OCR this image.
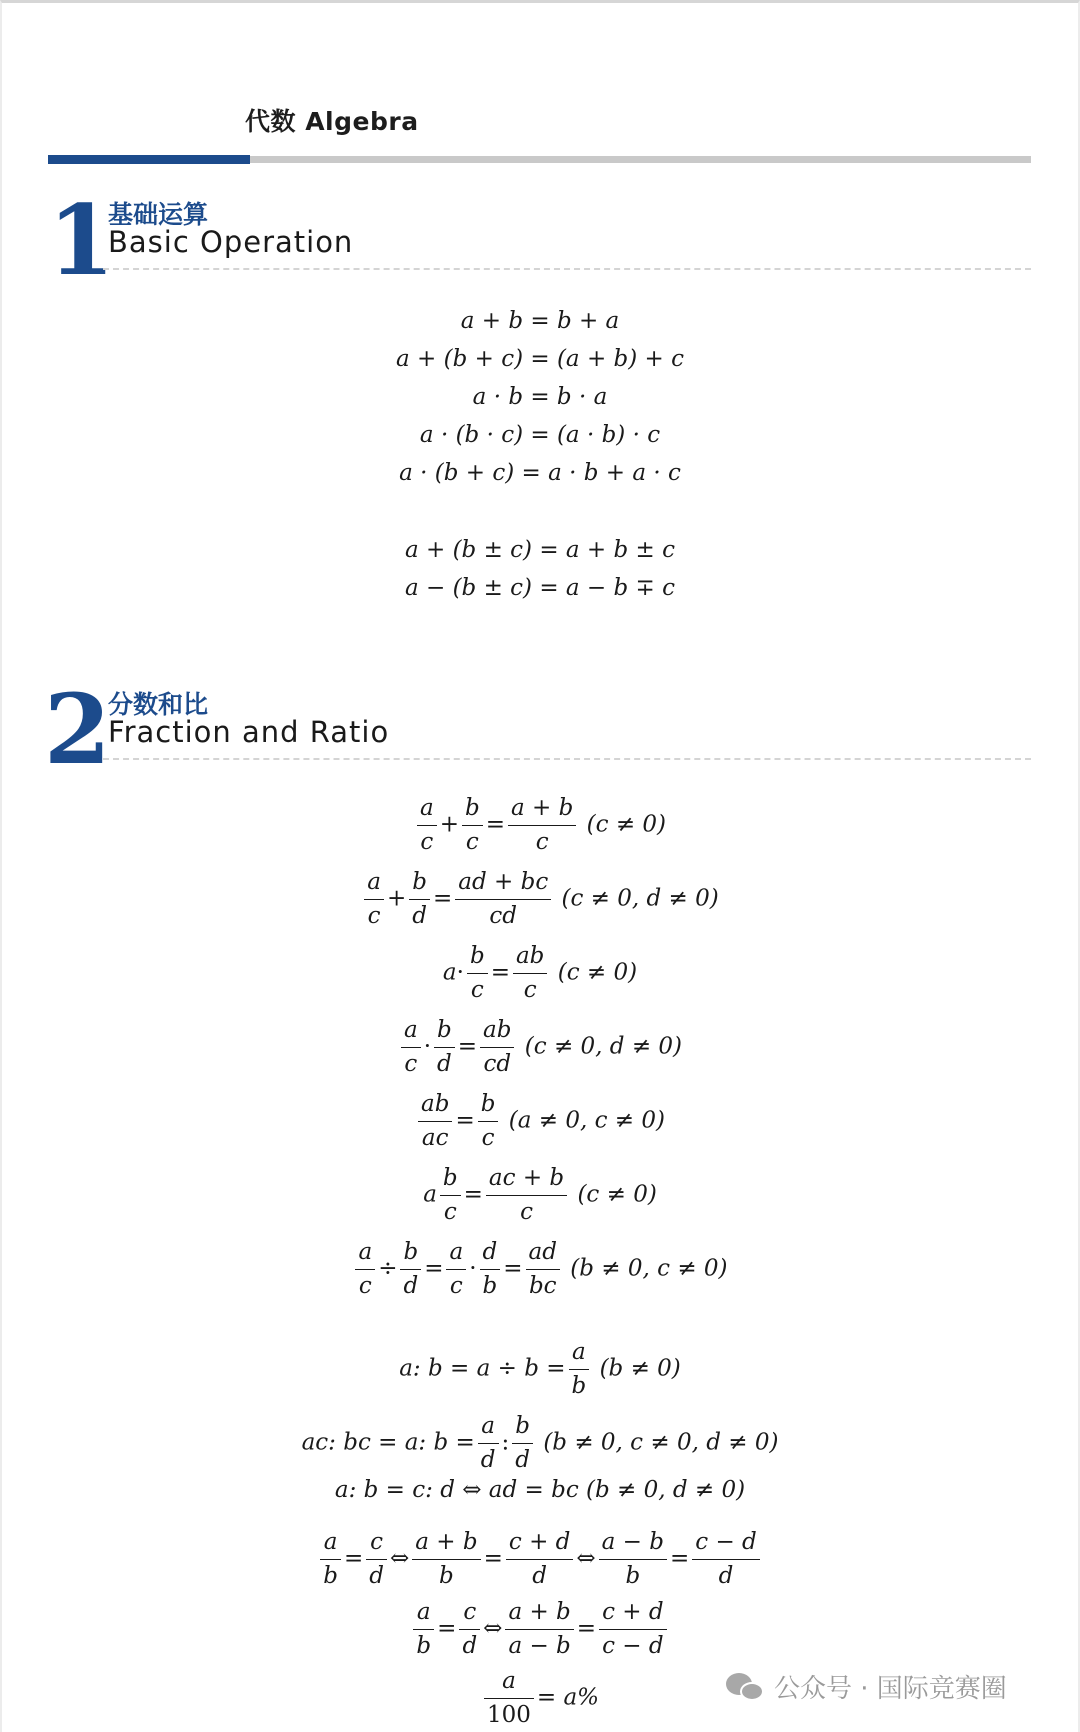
代数 Algebra
1
基础运算
Basic Operation
a + b = b + a
a + (b + c) = (a + b) + c
a · b = b · a
a · (b · c) = (a · b) · c
a · (b + c) = a · b + a · c
a + (b ± c) = a + b ± c
a − (b ± c) = a − b ∓ c
2
分数和比
Fraction and Ratio
$\frac{a}{c} + \frac{b}{c} = \frac{a + b}{c} (c \ne 0)$
$\frac{a}{c} + \frac{b}{d} = \frac{ad + bc}{cd} (c \ne 0$, d ≠ 0)
$a\cdot \frac{b}{c} = \frac{ab}{c} (c \ne 0)$
$\frac{a}{c} \cdot \frac{b}{d} = \frac{ab}{cd} (c \ne 0$, d ≠ 0)
$\frac{ab}{ac} = \frac{b}{c} (a \ne 0$, c ≠ 0)
a $\frac{b}{c} = \frac{ac + b}{c} (c \ne 0)$
$\frac{a}{c} \div \frac{b}{d} = \frac{a}{c} \cdot \frac{d}{b} = \frac{ad}{bc} (b \ne 0$, c ≠ 0)
a: $b = a \div b = \frac{a}{b} (b \ne 0)$
ac: bc = a: $b = \frac{a}{d}$ : $\frac{b}{d} (b \ne 0$, c ≠ 0, d ≠ 0)
a: b = c: d ⇔ ad = bc (b ≠ 0, d ≠ 0)
$\frac{a}{b} = \frac{c}{d}$ ⇔ $\frac{a + b}{b} = \frac{c + d}{d}$ ⇔ $\frac{a - b}{b} = \frac{c - d}{d}$
$\frac{a}{b} = \frac{c}{d}$ ⇔ $\frac{a + b}{a - b} = \frac{c + d}{c - d}$
$\frac{a}{100} = a\%$	公众号 · 国际竞赛圈
